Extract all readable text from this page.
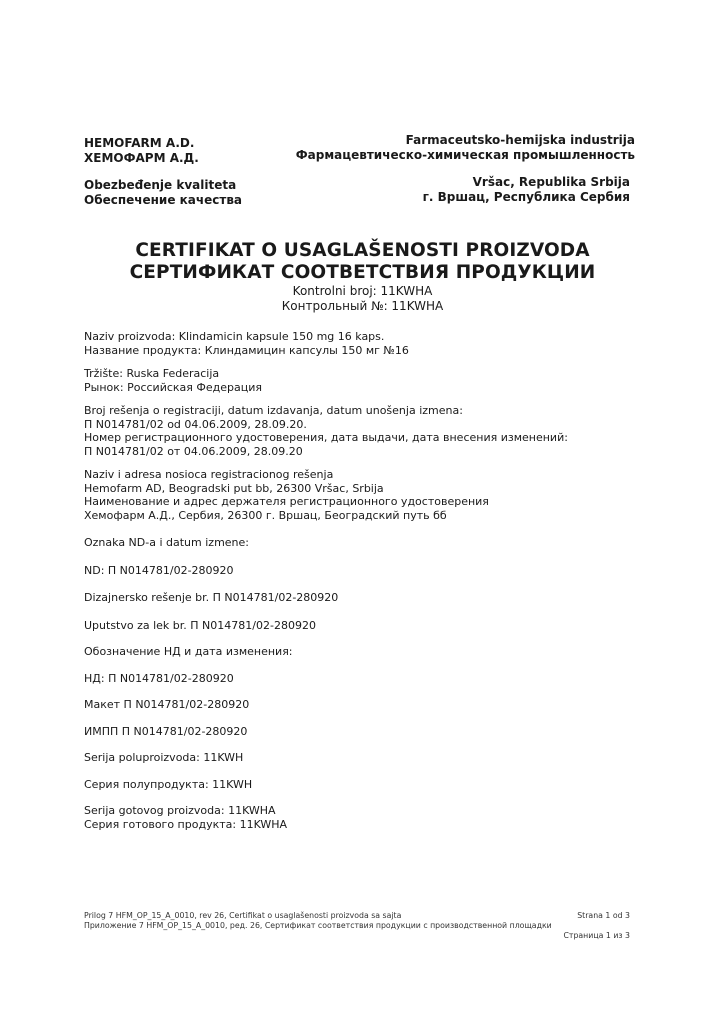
HEMOFARM A.D.
ХЕМОФАРМ А.Д.
Obezbeđenje kvaliteta
Обеспечение качества
Farmaceutsko-hemijska industrija
Фармацевтическо-химическая промышленность
Vršac, Republika Srbija
г. Вршац, Республика Сербия
CERTIFIKAT O USAGLAŠENOSTI PROIZVODA
СЕРТИФИКАТ СООТВЕТСТВИЯ ПРОДУКЦИИ
Kontrolni broj: 11KWHA
Контрольный №: 11KWHA
Naziv proizvoda: Klindamicin kapsule 150 mg 16 kaps.
Название продукта: Клиндамицин капсулы 150 мг №16
Tržište: Ruska Federacija
Рынок: Российская Федерация
Broj rešenja o registraciji, datum izdavanja, datum unošenja izmena:
П N014781/02 od 04.06.2009, 28.09.20.
Номер регистрационного удостоверения, дата выдачи, дата внесения изменений:
П N014781/02 от 04.06.2009, 28.09.20
Naziv i adresa nosioca registracionog rešenja
Hemofarm AD, Beogradski put bb, 26300 Vršac, Srbija
Наименование и адрес держателя регистрационного удостоверения
Хемофарм А.Д., Сербия, 26300 г. Вршац, Београдский путь бб
Oznaka ND-a i datum izmene:
ND: П N014781/02-280920
Dizajnersko rešenje br. П N014781/02-280920
Uputstvo za lek br. П N014781/02-280920
Обозначение НД и дата изменения:
НД: П N014781/02-280920
Макет П N014781/02-280920
ИМПП П N014781/02-280920
Serija poluproizvoda: 11KWH
Серия полупродукта: 11KWH
Serija gotovog proizvoda: 11KWHA
Серия готового продукта: 11KWHA
Prilog 7 HFM_OP_15_A_0010, rev 26, Certifikat o usaglašenosti proizvoda sa sajta	Strana 1 od 3
Приложение 7 HFM_OP_15_A_0010, ред. 26, Сертификат соответствия продукции с производственной площадки
Страница 1 из 3
